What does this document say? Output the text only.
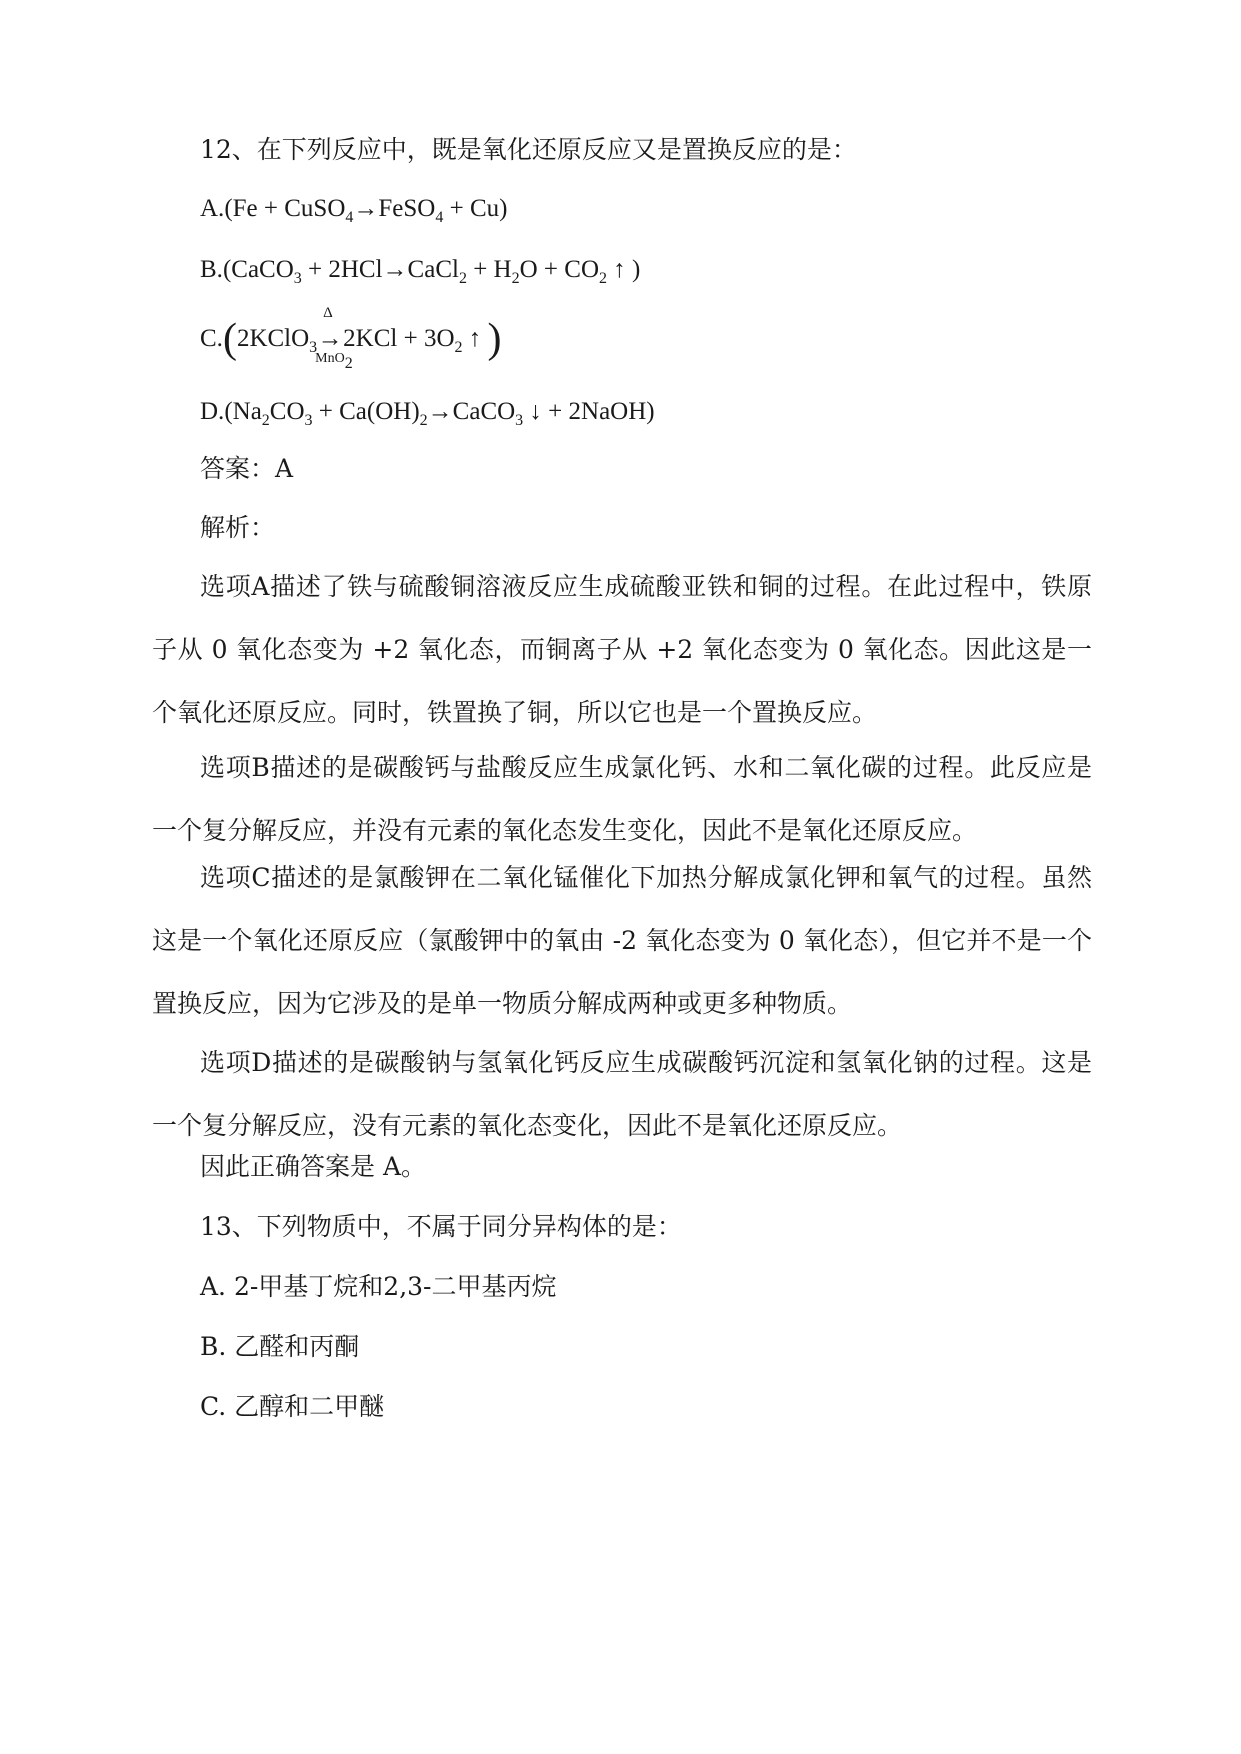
12、在下列反应中，既是氧化还原反应又是置换反应的是：
A.(Fe + CuSO$_4$→FeSO$_4$ + Cu)
B.(CaCO$_3$ + 2HCl→CaCl$_2$ + $H_2O + CO_2$ ↑ )
C.(2KClO$_3$
Δ
→
MnO$_2$
$2KCl + 3O_2$ ↑ )
$D.(Na_2CO_3$ + $Ca(OH)_2\to CaCO_3$ ↓ + 2NaOH)
答案：A
解析：
选项A描述了铁与硫酸铜溶液反应生成硫酸亚铁和铜的过程。在此过程中，铁原子从 0 氧化态变为 +2 氧化态，而铜离子从 +2 氧化态变为 0 氧化态。因此这是一个氧化还原反应。同时，铁置换了铜，所以它也是一个置换反应。
选项B描述的是碳酸钙与盐酸反应生成氯化钙、水和二氧化碳的过程。此反应是一个复分解反应，并没有元素的氧化态发生变化，因此不是氧化还原反应。
选项C描述的是氯酸钾在二氧化锰催化下加热分解成氯化钾和氧气的过程。虽然这是一个氧化还原反应（氯酸钾中的氧由 -2 氧化态变为 0 氧化态），但它并不是一个置换反应，因为它涉及的是单一物质分解成两种或更多种物质。
选项D描述的是碳酸钠与氢氧化钙反应生成碳酸钙沉淀和氢氧化钠的过程。这是一个复分解反应，没有元素的氧化态变化，因此不是氧化还原反应。
因此正确答案是 A。
13、下列物质中，不属于同分异构体的是：
A. 2-甲基丁烷和2,3-二甲基丙烷
B. 乙醛和丙酮
C. 乙醇和二甲醚
